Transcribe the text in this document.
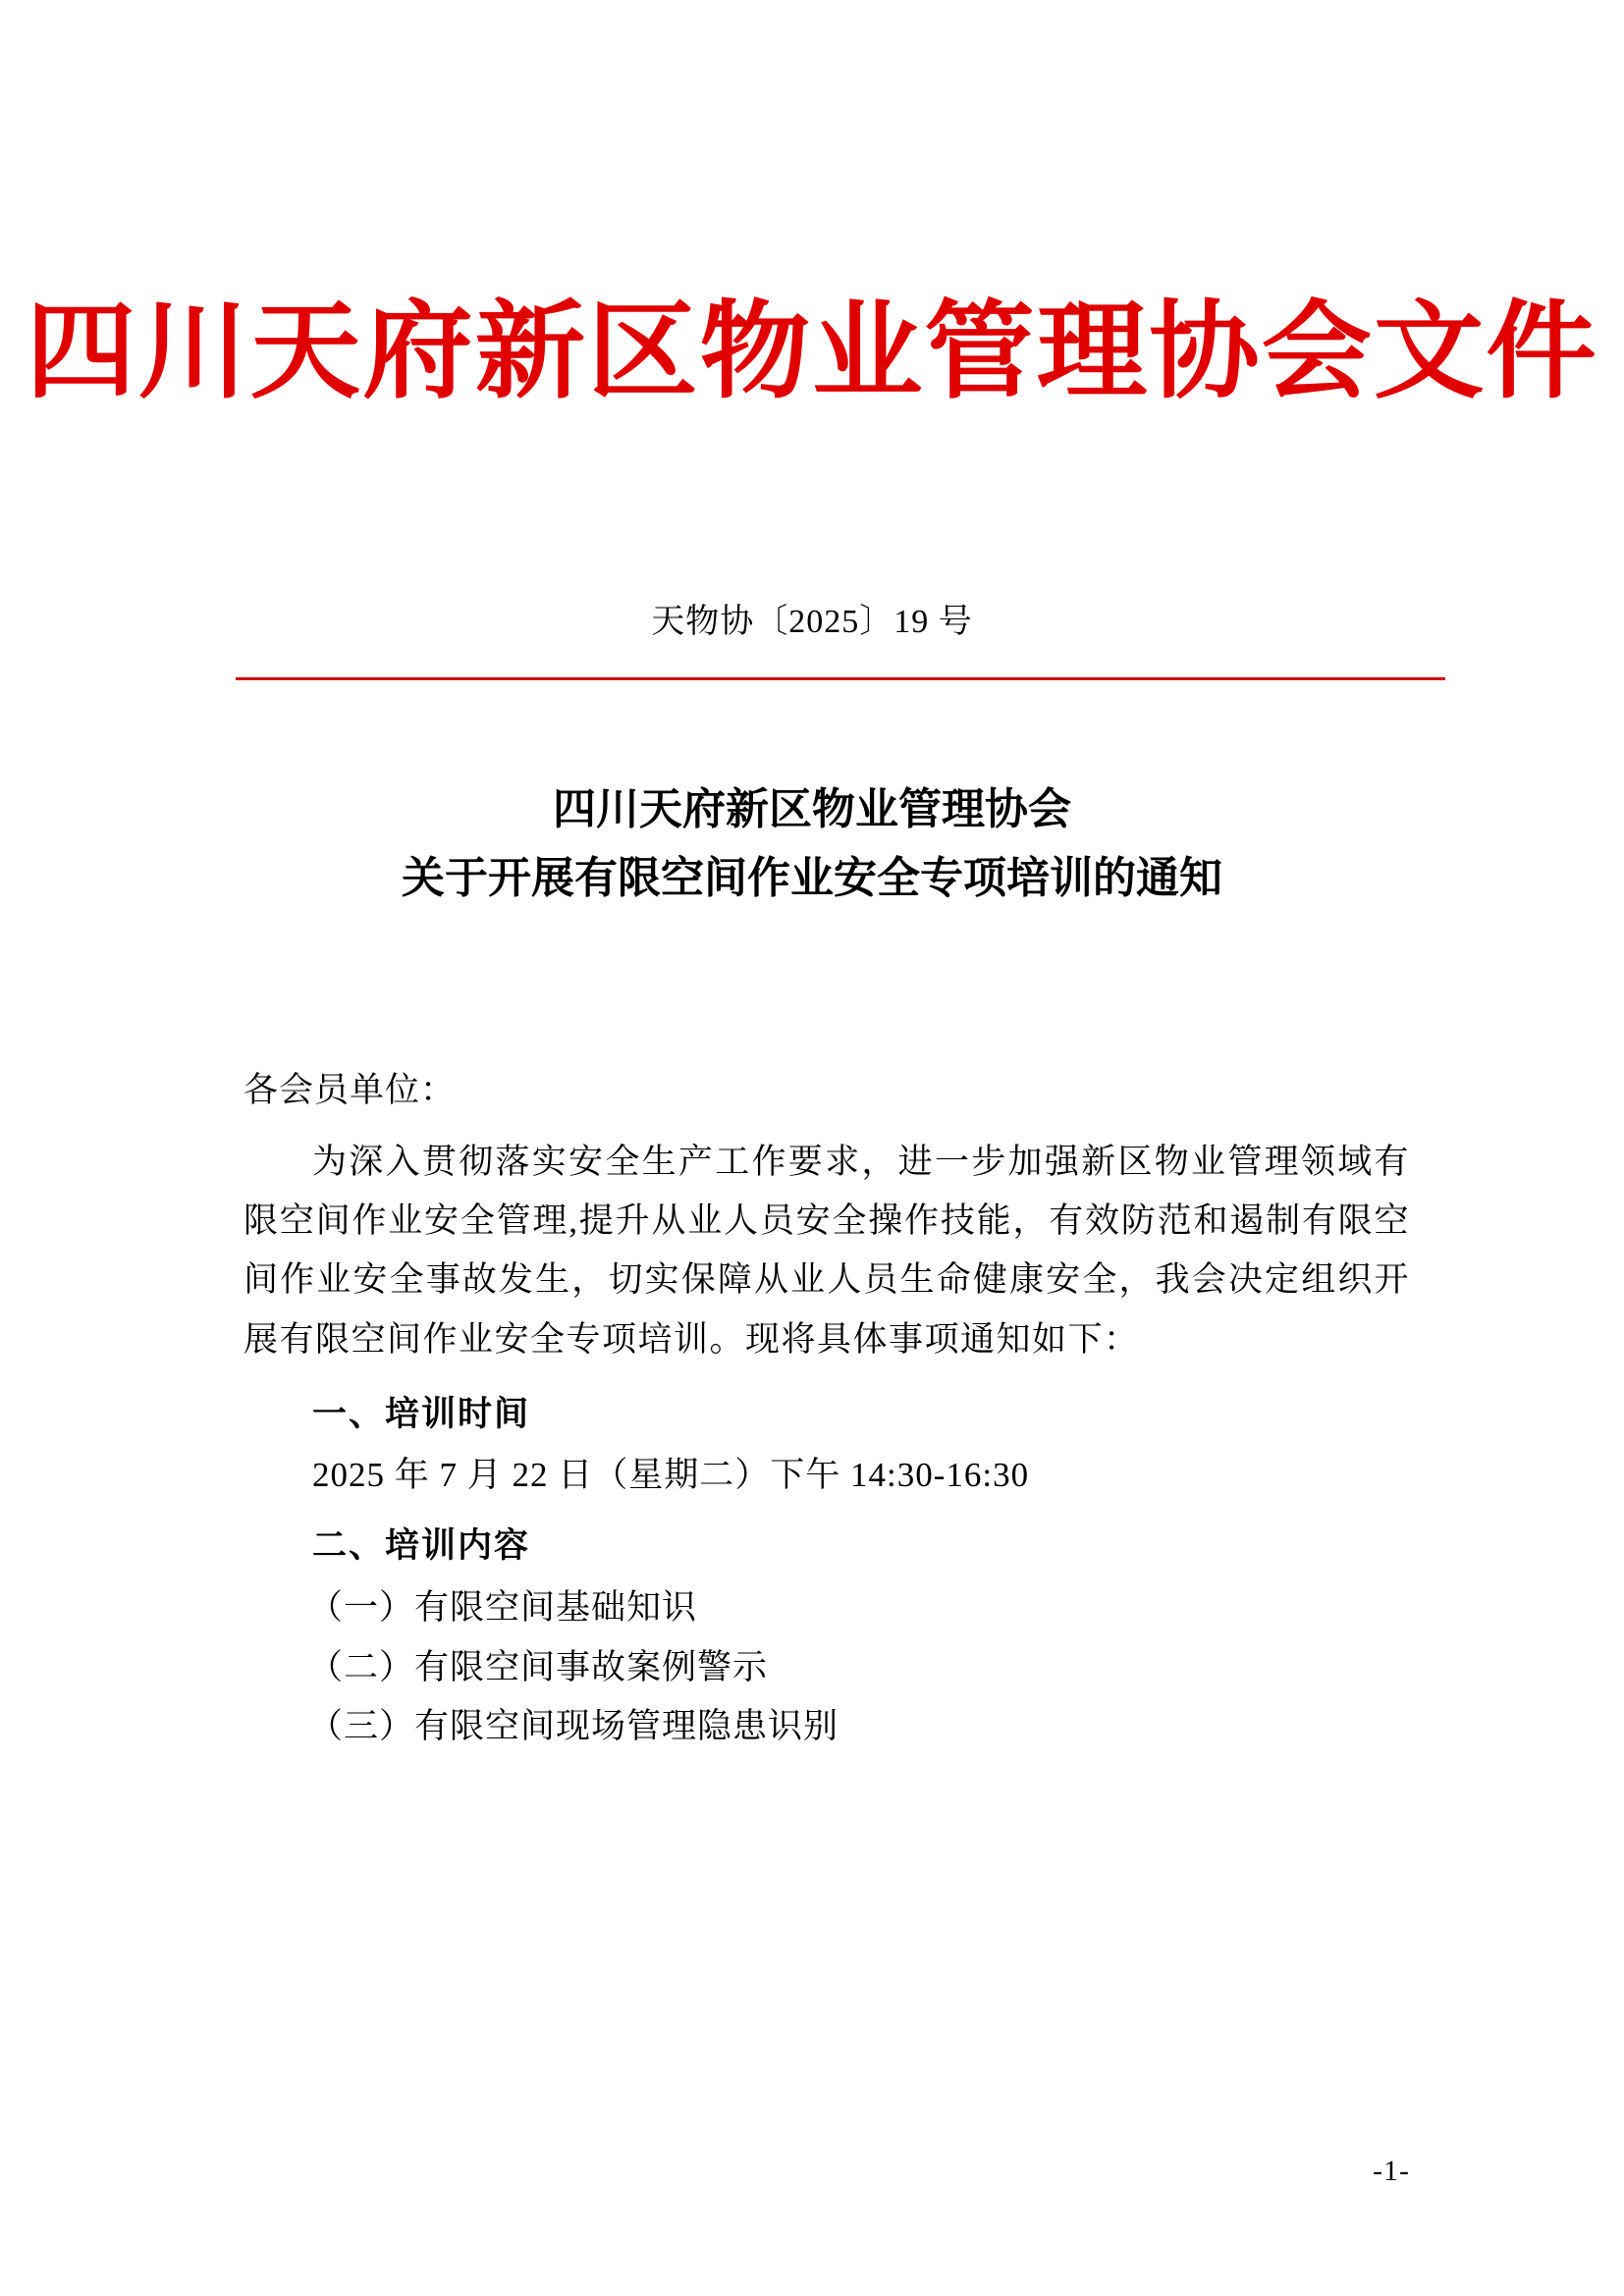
四川天府新区物业管理协会文件
天物协〔2025〕19 号
四川天府新区物业管理协会
关于开展有限空间作业安全专项培训的通知
各会员单位：

为深入贯彻落实安全生产工作要求，进一步加强新区物业管理领域有限空间作业安全管理,提升从业人员安全操作技能，有效防范和遏制有限空间作业安全事故发生，切实保障从业人员生命健康安全，我会决定组织开展有限空间作业安全专项培训。现将具体事项通知如下：

一、培训时间
2025 年 7 月 22 日（星期二）下午 14:30-16:30
二、培训内容
（一）有限空间基础知识
（二）有限空间事故案例警示
（三）有限空间现场管理隐患识别
-1-
